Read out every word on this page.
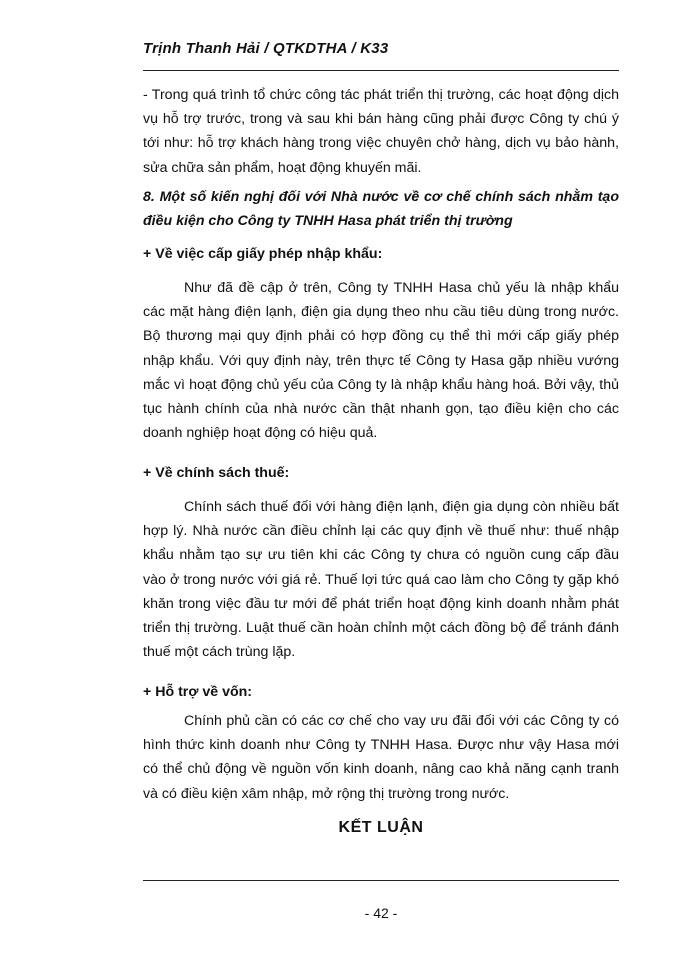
Trịnh Thanh Hải / QTKDTHA / K33
- Trong quá trình tổ chức công tác phát triển thị trường, các hoạt động dịch vụ hỗ trợ trước, trong và sau khi bán hàng cũng phải được Công ty chú ý tới như: hỗ trợ khách hàng trong việc chuyên chở hàng, dịch vụ bảo hành, sửa chữa sản phẩm, hoạt động khuyến mãi.
8. Một số kiến nghị đối với Nhà nước về cơ chế chính sách nhằm tạo điều kiện cho Công ty TNHH Hasa phát triển thị trường
+ Về việc cấp giấy phép nhập khẩu:
Như đã đề cập ở trên, Công ty TNHH Hasa chủ yếu là nhập khẩu các mặt hàng điện lạnh, điện gia dụng theo nhu cầu tiêu dùng trong nước. Bộ thương mại quy định phải có hợp đồng cụ thể thì mới cấp giấy phép nhập khẩu. Với quy định này, trên thực tế Công ty Hasa gặp nhiều vướng mắc vì hoạt động chủ yếu của Công ty là nhập khẩu hàng hoá. Bởi vậy, thủ tục hành chính của nhà nước cần thật nhanh gọn, tạo điều kiện cho các doanh nghiệp hoạt động có hiệu quả.
+ Về chính sách thuế:
Chính sách thuế đối với hàng điện lạnh, điện gia dụng còn nhiều bất hợp lý. Nhà nước cần điều chỉnh lại các quy định về thuế như: thuế nhập khẩu nhằm tạo sự ưu tiên khi các Công ty chưa có nguồn cung cấp đầu vào ở trong nước với giá rẻ. Thuế lợi tức quá cao làm cho Công ty gặp khó khăn trong việc đầu tư mới để phát triển hoạt động kinh doanh nhằm phát triển thị trường. Luật thuế cần hoàn chỉnh một cách đồng bộ để tránh đánh thuế một cách trùng lặp.
+ Hỗ trợ về vốn:
Chính phủ cần có các cơ chế cho vay ưu đãi đối với các Công ty có hình thức kinh doanh như Công ty TNHH Hasa. Được như vậy Hasa mới có thể chủ động về nguồn vốn kinh doanh, nâng cao khả năng cạnh tranh và có điều kiện xâm nhập, mở rộng thị trường trong nước.
KẾT LUẬN
- 42 -
